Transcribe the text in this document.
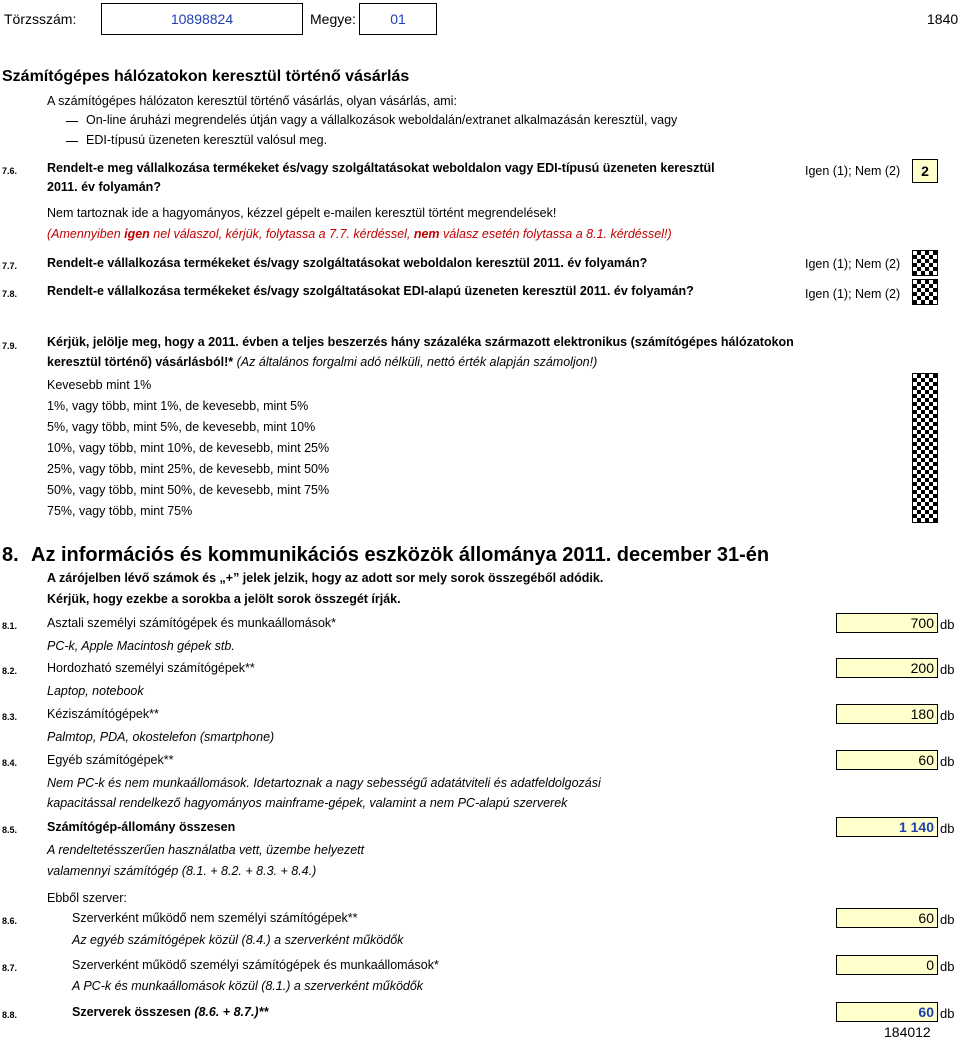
Törzsszám:	10898824	Megye: 01	1840
Számítógépes hálózatokon keresztül történő vásárlás
A számítógépes hálózaton keresztül történő vásárlás, olyan vásárlás, ami:
On-line áruházi megrendelés útján vagy a vállalkozások weboldalán/extranet alkalmazásán keresztül, vagy
EDI-típusú üzeneten keresztül valósul meg.
7.6. Rendelt-e meg vállalkozása termékeket és/vagy szolgáltatásokat weboldalon vagy EDI-típusú üzeneten keresztül
2011. év folyamán?
Igen (1); Nem (2)	2
Nem tartoznak ide a hagyományos, kézzel gépelt e-mailen keresztül történt megrendelések!
(Amennyiben igen nel válaszol, kérjük, folytassa a 7.7. kérdéssel, nem válasz esetén folytassa a 8.1. kérdéssel!)
7.7. Rendelt-e vállalkozása termékeket és/vagy szolgáltatásokat weboldalon keresztül 2011. év folyamán?	Igen (1); Nem (2)
7.8. Rendelt-e vállalkozása termékeket és/vagy szolgáltatásokat EDI-alapú üzeneten keresztül 2011. év folyamán?	Igen (1); Nem (2)
7.9. Kérjük, jelölje meg, hogy a 2011. évben a teljes beszerzés hány százaléka származott elektronikus (számítógépes hálózatokon
keresztül történő) vásárlásból!* (Az általános forgalmi adó nélküli, nettó érték alapján számoljon!)
Kevesebb mint 1%
1%, vagy több, mint 1%, de kevesebb, mint 5%
5%, vagy több, mint 5%, de kevesebb, mint 10%
10%, vagy több, mint 10%, de kevesebb, mint 25%
25%, vagy több, mint 25%, de kevesebb, mint 50%
50%, vagy több, mint 50%, de kevesebb, mint 75%
75%, vagy több, mint 75%
8. Az információs és kommunikációs eszközök állománya 2011. december 31-én
A zárójelben lévő számok és „+” jelek jelzik, hogy az adott sor mely sorok összegéből adódik.
Kérjük, hogy ezekbe a sorokba a jelölt sorok összegét írják.
8.1. Asztali személyi számítógépek és munkaállomások*
PC-k, Apple Macintosh gépek stb.
700 db
8.2. Hordozható személyi számítógépek**
Laptop, notebook
200 db
8.3. Kéziszámítógépek**
Palmtop, PDA, okostelefon (smartphone)
180 db
8.4. Egyéb számítógépek**
Nem PC-k és nem munkaállomások. Idetartoznak a nagy sebességű adatátviteli és adatfeldolgozási
kapacitással rendelkező hagyományos mainframe-gépek, valamint a nem PC-alapú szerverek
60 db
8.5. Számítógép-állomány összesen
A rendeltetésszerűen használatba vett, üzembe helyezett
valamennyi számítógép (8.1. + 8.2. + 8.3. + 8.4.)
1 140 db
Ebből szerver:
8.6.	Szerverként működő nem személyi számítógépek**
Az egyéb számítógépek közül (8.4.) a szerverként működők
60 db
8.7.	Szerverként működő személyi számítógépek és munkaállomások*
A PC-k és munkaállomások közül (8.1.) a szerverként működők
0 db
8.8.	Szerverek összesen (8.6. + 8.7.)**	60 db
184012
